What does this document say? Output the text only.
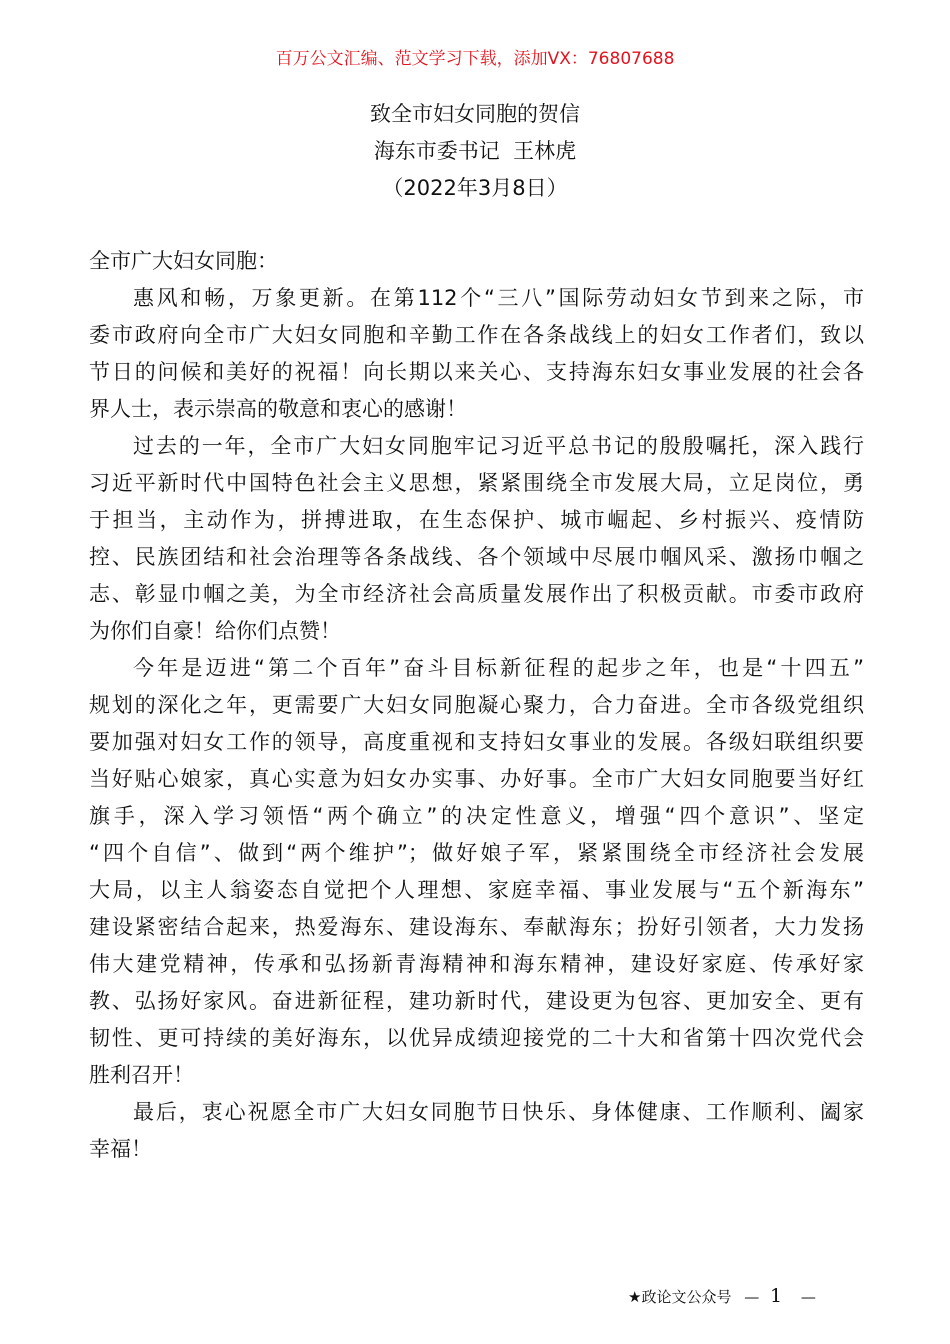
百万公文汇编、范文学习下载，添加VX：76807688
致全市妇女同胞的贺信
海东市委书记  王林虎
（2022年3月8日）
全市广大妇女同胞：
惠风和畅，万象更新。在第112个“三八”国际劳动妇女节到来之际，市
委市政府向全市广大妇女同胞和辛勤工作在各条战线上的妇女工作者们，致以
节日的问候和美好的祝福！向长期以来关心、支持海东妇女事业发展的社会各
界人士，表示崇高的敬意和衷心的感谢！
过去的一年，全市广大妇女同胞牢记习近平总书记的殷殷嘱托，深入践行
习近平新时代中国特色社会主义思想，紧紧围绕全市发展大局，立足岗位，勇
于担当，主动作为，拼搏进取，在生态保护、城市崛起、乡村振兴、疫情防
控、民族团结和社会治理等各条战线、各个领域中尽展巾帼风采、激扬巾帼之
志、彰显巾帼之美，为全市经济社会高质量发展作出了积极贡献。市委市政府
为你们自豪！给你们点赞！
今年是迈进“第二个百年”奋斗目标新征程的起步之年，也是“十四五”
规划的深化之年，更需要广大妇女同胞凝心聚力，合力奋进。全市各级党组织
要加强对妇女工作的领导，高度重视和支持妇女事业的发展。各级妇联组织要
当好贴心娘家，真心实意为妇女办实事、办好事。全市广大妇女同胞要当好红
旗手，深入学习领悟“两个确立”的决定性意义，增强“四个意识”、坚定
“四个自信”、做到“两个维护”；做好娘子军，紧紧围绕全市经济社会发展
大局，以主人翁姿态自觉把个人理想、家庭幸福、事业发展与“五个新海东”
建设紧密结合起来，热爱海东、建设海东、奉献海东；扮好引领者，大力发扬
伟大建党精神，传承和弘扬新青海精神和海东精神，建设好家庭、传承好家
教、弘扬好家风。奋进新征程，建功新时代，建设更为包容、更加安全、更有
韧性、更可持续的美好海东，以优异成绩迎接党的二十大和省第十四次党代会
胜利召开！
最后，衷心祝愿全市广大妇女同胞节日快乐、身体健康、工作顺利、阖家
幸福！
★政论文公众号 — 1 —
